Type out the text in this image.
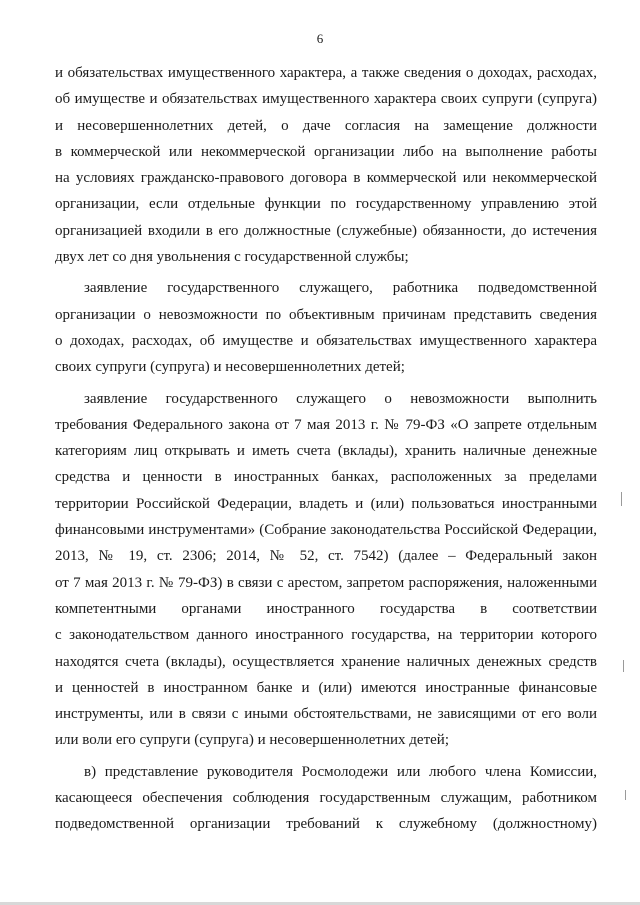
6
и обязательствах имущественного характера, а также сведения о доходах, расходах,
об имуществе и обязательствах имущественного характера своих супруги (супруга)
и несовершеннолетних детей, о даче согласия на замещение должности
в коммерческой или некоммерческой организации либо на выполнение работы
на условиях гражданско-правового договора в коммерческой или некоммерческой
организации, если отдельные функции по государственному управлению этой
организацией входили в его должностные (служебные) обязанности, до истечения
двух лет со дня увольнения с государственной службы;
заявление государственного служащего, работника подведомственной
организации о невозможности по объективным причинам представить сведения
о доходах, расходах, об имуществе и обязательствах имущественного характера
своих супруги (супруга) и несовершеннолетних детей;
заявление государственного служащего о невозможности выполнить
требования Федерального закона от 7 мая 2013 г. № 79-ФЗ «О запрете отдельным
категориям лиц открывать и иметь счета (вклады), хранить наличные денежные
средства и ценности в иностранных банках, расположенных за пределами
территории Российской Федерации, владеть и (или) пользоваться иностранными
финансовыми инструментами» (Собрание законодательства Российской Федерации,
2013, № 19, ст. 2306; 2014, № 52, ст. 7542) (далее – Федеральный закон
от 7 мая 2013 г. № 79-ФЗ) в связи с арестом, запретом распоряжения, наложенными
компетентными органами иностранного государства в соответствии
с законодательством данного иностранного государства, на территории которого
находятся счета (вклады), осуществляется хранение наличных денежных средств
и ценностей в иностранном банке и (или) имеются иностранные финансовые
инструменты, или в связи с иными обстоятельствами, не зависящими от его воли
или воли его супруги (супруга) и несовершеннолетних детей;
в) представление руководителя Росмолодежи или любого члена Комиссии,
касающееся обеспечения соблюдения государственным служащим, работником
подведомственной организации требований к служебному (должностному)
